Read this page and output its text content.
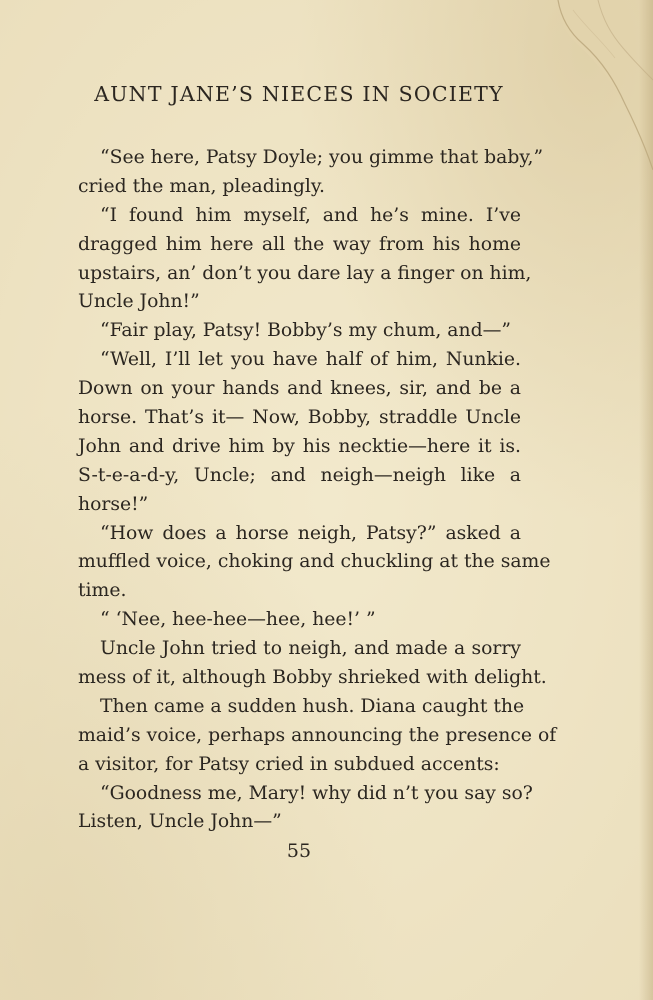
AUNT JANE’S NIECES IN SOCIETY

“See here, Patsy Doyle; you gimme that baby,”
cried the man, pleadingly.

“I found him myself, and he’s mine. I’ve
dragged him here all the way from his home
upstairs, an’ don’t you dare lay a finger on him,
Uncle John!”

“Fair play, Patsy! Bobby’s my chum, and—”

“Well, I’ll let you have half of him, Nunkie.
Down on your hands and knees, sir, and be a
horse. That’s it— Now, Bobby, straddle Uncle
John and drive him by his necktie—here it is.
S-t-e-a-d-y, Uncle; and neigh—neigh like a
horse!”

“How does a horse neigh, Patsy?” asked a
muffled voice, choking and chuckling at the same
time.

“ ‘Nee, hee-hee—hee, hee!’ ”

Uncle John tried to neigh, and made a sorry
mess of it, although Bobby shrieked with delight.

Then came a sudden hush. Diana caught the
maid’s voice, perhaps announcing the presence of
a visitor, for Patsy cried in subdued accents:

“Goodness me, Mary! why did n’t you say so?
Listen, Uncle John—”

55
